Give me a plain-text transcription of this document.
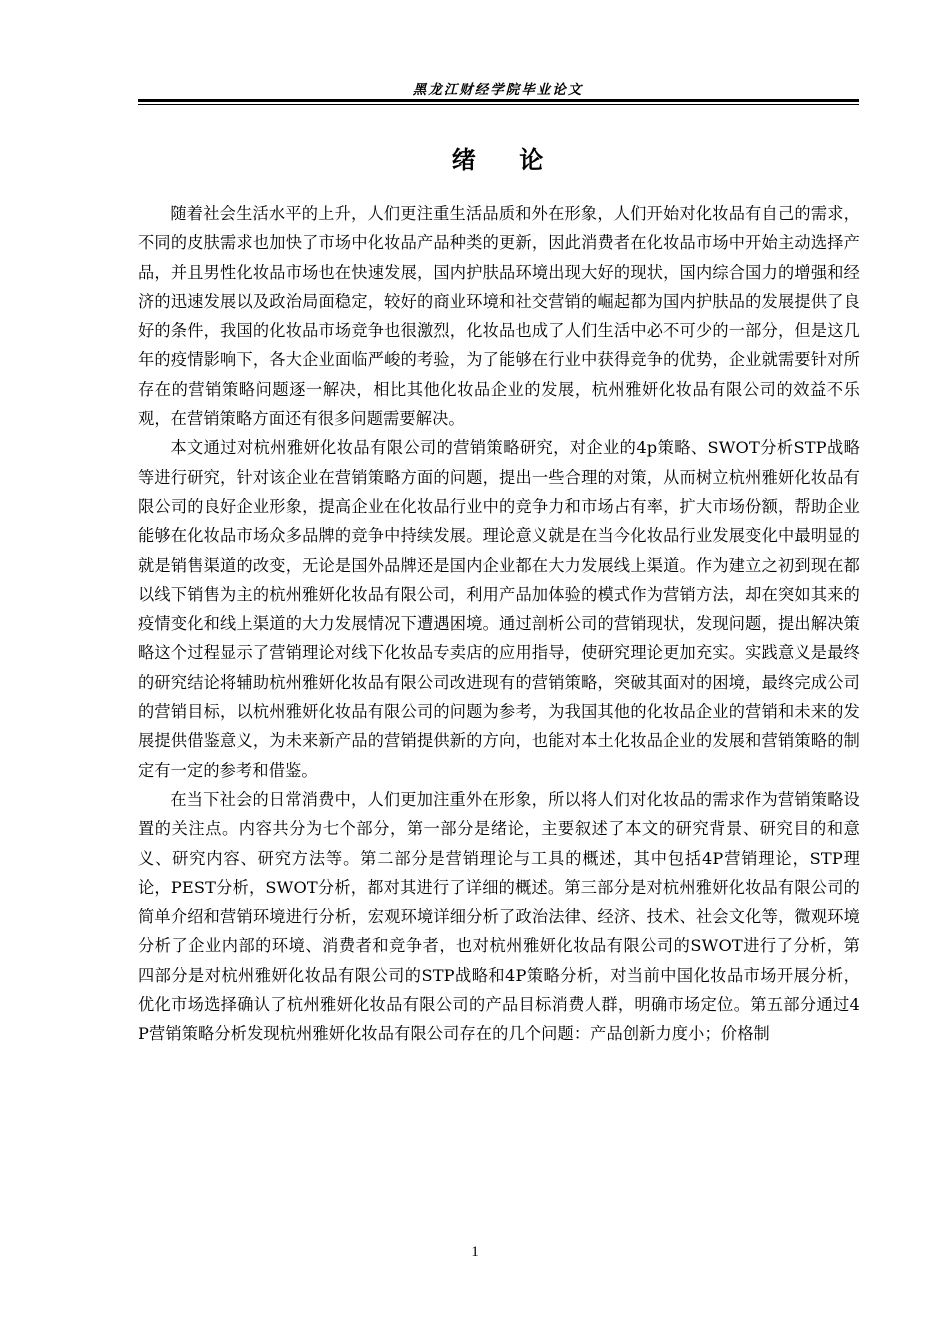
黑龙江财经学院毕业论文
绪    论

随着社会生活水平的上升，人们更注重生活品质和外在形象，人们开始对化妆品有自己的需求，不同的皮肤需求也加快了市场中化妆品产品种类的更新，因此消费者在化妆品市场中开始主动选择产品，并且男性化妆品市场也在快速发展，国内护肤品环境出现大好的现状，国内综合国力的增强和经济的迅速发展以及政治局面稳定，较好的商业环境和社交营销的崛起都为国内护肤品的发展提供了良好的条件，我国的化妆品市场竞争也很激烈，化妆品也成了人们生活中必不可少的一部分，但是这几年的疫情影响下，各大企业面临严峻的考验，为了能够在行业中获得竞争的优势，企业就需要针对所存在的营销策略问题逐一解决，相比其他化妆品企业的发展，杭州雅妍化妆品有限公司的效益不乐观，在营销策略方面还有很多问题需要解决。

本文通过对杭州雅妍化妆品有限公司的营销策略研究，对企业的4p策略、SWOT分析STP战略等进行研究，针对该企业在营销策略方面的问题，提出一些合理的对策，从而树立杭州雅妍化妆品有限公司的良好企业形象，提高企业在化妆品行业中的竞争力和市场占有率，扩大市场份额，帮助企业能够在化妆品市场众多品牌的竞争中持续发展。理论意义就是在当今化妆品行业发展变化中最明显的就是销售渠道的改变，无论是国外品牌还是国内企业都在大力发展线上渠道。作为建立之初到现在都以线下销售为主的杭州雅妍化妆品有限公司，利用产品加体验的模式作为营销方法，却在突如其来的疫情变化和线上渠道的大力发展情况下遭遇困境。通过剖析公司的营销现状，发现问题，提出解决策略这个过程显示了营销理论对线下化妆品专卖店的应用指导，使研究理论更加充实。实践意义是最终的研究结论将辅助杭州雅妍化妆品有限公司改进现有的营销策略，突破其面对的困境，最终完成公司的营销目标，以杭州雅妍化妆品有限公司的问题为参考，为我国其他的化妆品企业的营销和未来的发展提供借鉴意义，为未来新产品的营销提供新的方向，也能对本土化妆品企业的发展和营销策略的制定有一定的参考和借鉴。

在当下社会的日常消费中，人们更加注重外在形象，所以将人们对化妆品的需求作为营销策略设置的关注点。内容共分为七个部分，第一部分是绪论，主要叙述了本文的研究背景、研究目的和意义、研究内容、研究方法等。第二部分是营销理论与工具的概述，其中包括4P营销理论，STP理论，PEST分析，SWOT分析，都对其进行了详细的概述。第三部分是对杭州雅妍化妆品有限公司的简单介绍和营销环境进行分析，宏观环境详细分析了政治法律、经济、技术、社会文化等，微观环境分析了企业内部的环境、消费者和竞争者，也对杭州雅妍化妆品有限公司的SWOT进行了分析，第四部分是对杭州雅妍化妆品有限公司的STP战略和4P策略分析，对当前中国化妆品市场开展分析，优化市场选择确认了杭州雅妍化妆品有限公司的产品目标消费人群，明确市场定位。第五部分通过4P营销策略分析发现杭州雅妍化妆品有限公司存在的几个问题：产品创新力度小；价格制

1
